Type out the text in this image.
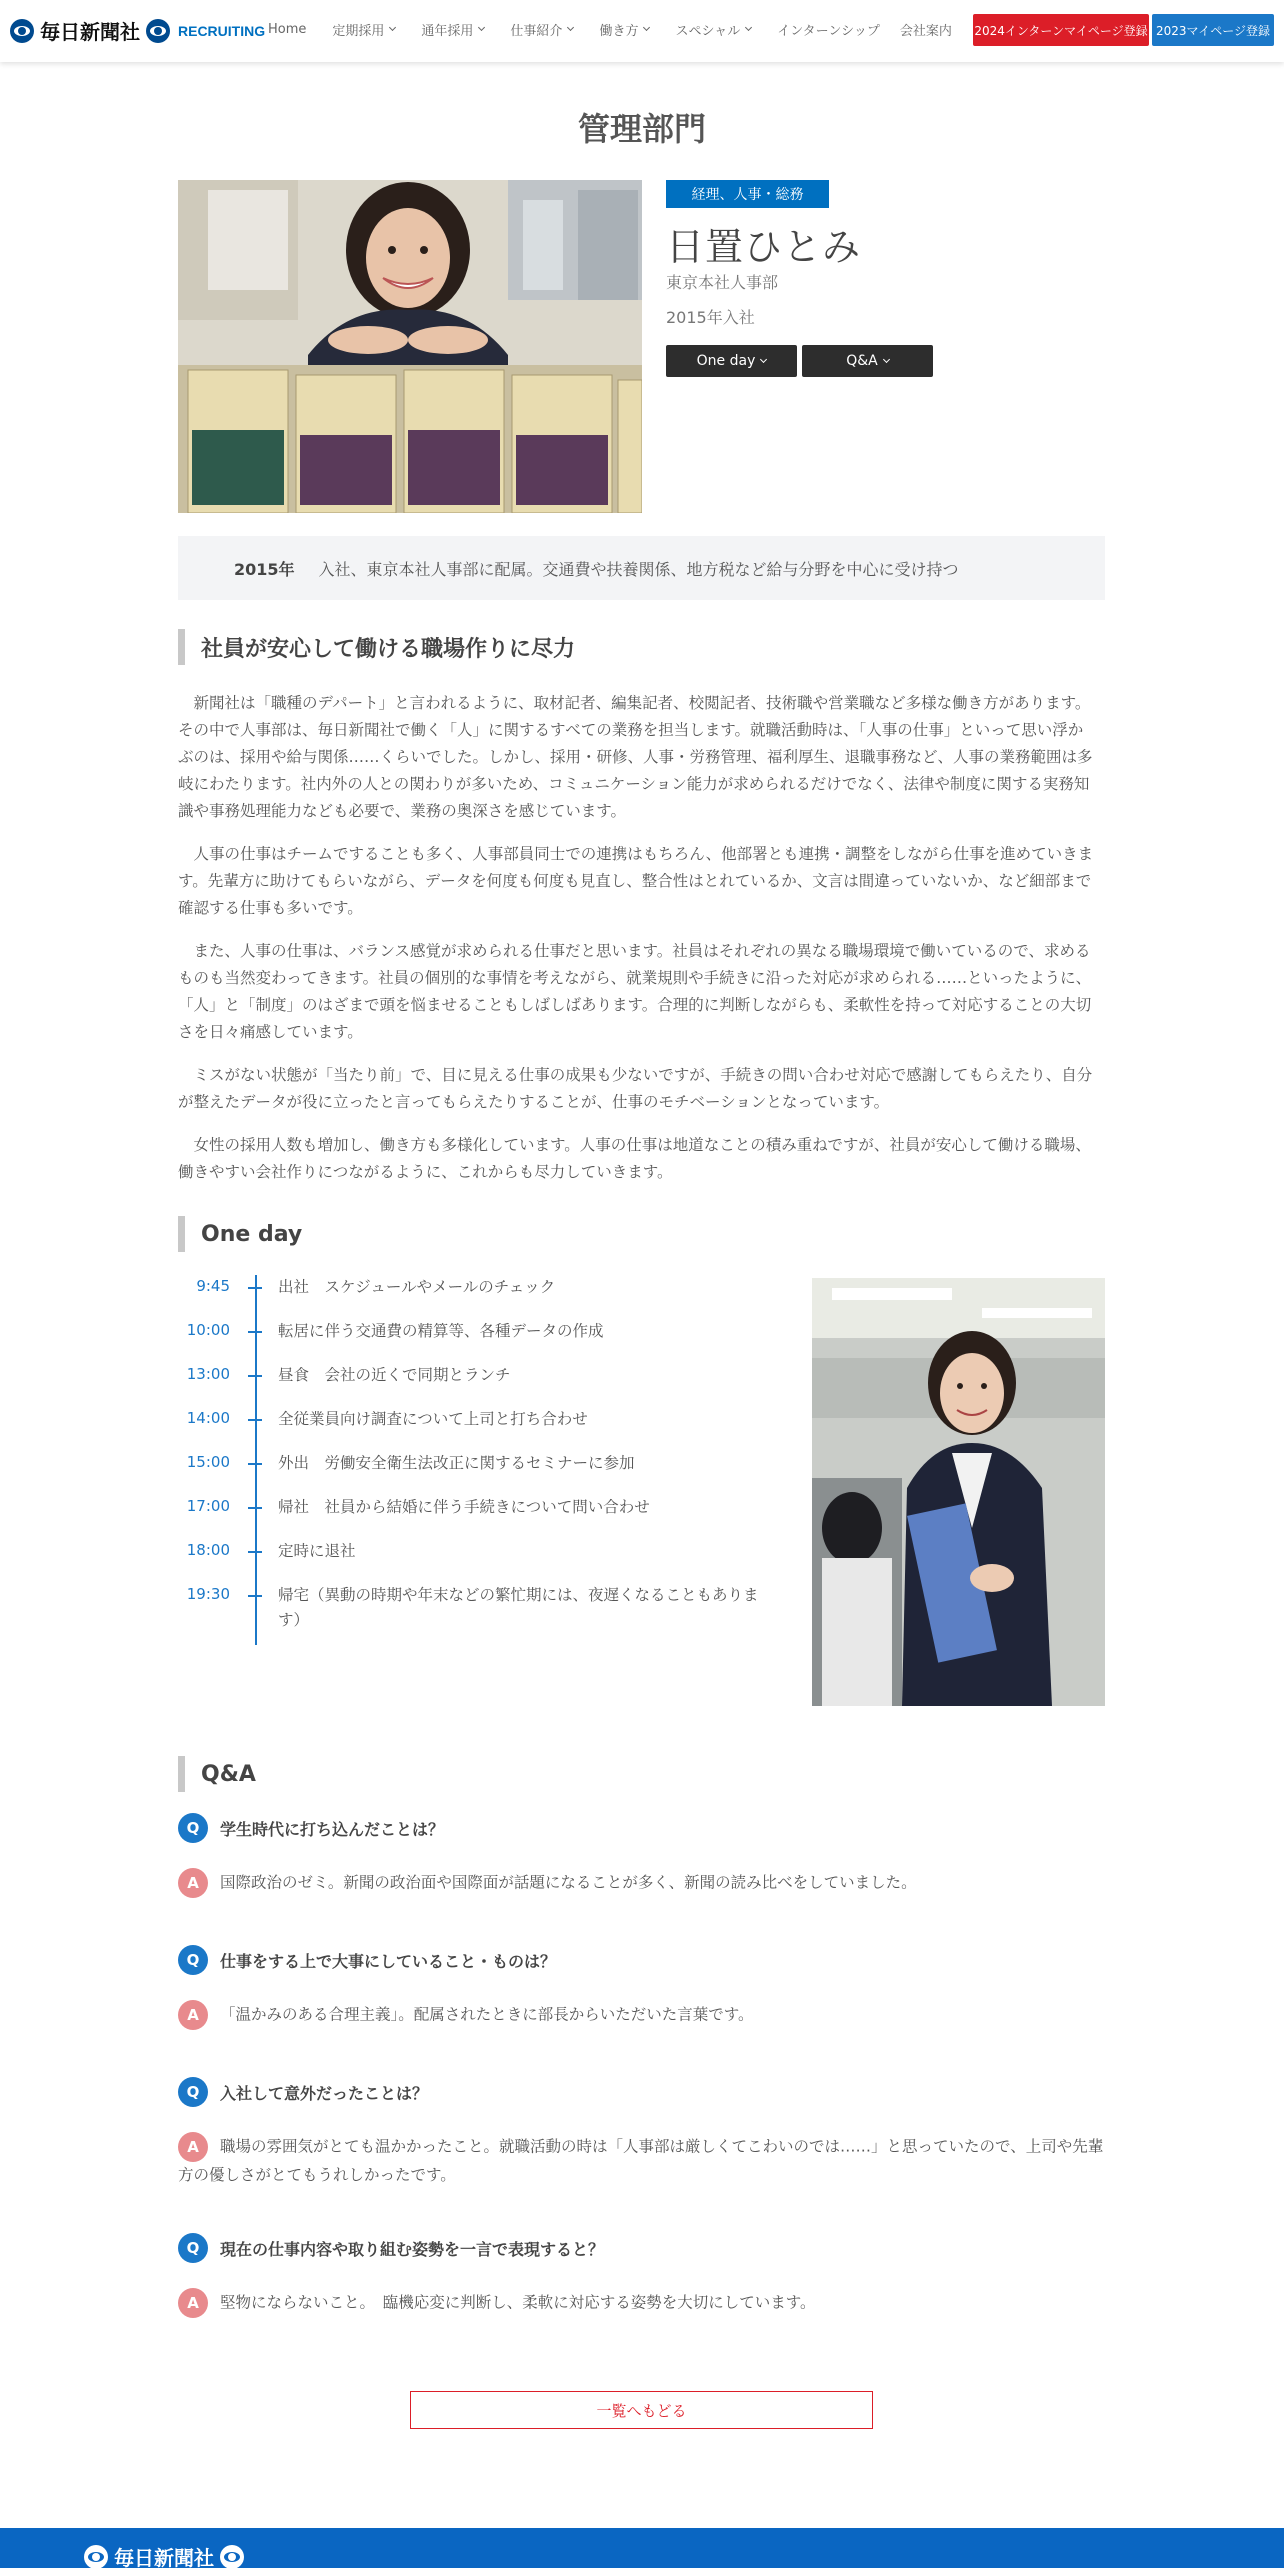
毎日新聞社	RECRUITING Home 定期採用	通年採用	仕事紹介	働き方	スペシャル	インターンシップ 会社案内 2024インターンマイページ登録 2023マイページ登録
管理部門
経理、人事・総務
日置ひとみ
東京本社人事部
2015年入社
One day	Q&A
2015年 入社、東京本社人事部に配属。交通費や扶養関係、地方税など給与分野を中心に受け持つ
社員が安心して働ける職場作りに尽力

新聞社は「職種のデパート」と言われるように、取材記者、編集記者、校閲記者、技術職や営業職など多様な働き方があります。その中で人事部は、毎日新聞社で働く「人」に関するすべての業務を担当します。就職活動時は、「人事の仕事」といって思い浮かぶのは、採用や給与関係……くらいでした。しかし、採用・研修、人事・労務管理、福利厚生、退職事務など、人事の業務範囲は多岐にわたります。社内外の人との関わりが多いため、コミュニケーション能力が求められるだけでなく、法律や制度に関する実務知識や事務処理能力なども必要で、業務の奥深さを感じています。

人事の仕事はチームですることも多く、人事部員同士での連携はもちろん、他部署とも連携・調整をしながら仕事を進めていきます。先輩方に助けてもらいながら、データを何度も何度も見直し、整合性はとれているか、文言は間違っていないか、など細部まで確認する仕事も多いです。

また、人事の仕事は、バランス感覚が求められる仕事だと思います。社員はそれぞれの異なる職場環境で働いているので、求めるものも当然変わってきます。社員の個別的な事情を考えながら、就業規則や手続きに沿った対応が求められる……といったように、「人」と「制度」のはざまで頭を悩ませることもしばしばあります。合理的に判断しながらも、柔軟性を持って対応することの大切さを日々痛感しています。

ミスがない状態が「当たり前」で、目に見える仕事の成果も少ないですが、手続きの問い合わせ対応で感謝してもらえたり、自分が整えたデータが役に立ったと言ってもらえたりすることが、仕事のモチベーションとなっています。

女性の採用人数も増加し、働き方も多様化しています。人事の仕事は地道なことの積み重ねですが、社員が安心して働ける職場、働きやすい会社作りにつながるように、これからも尽力していきます。

One day
9:45	出社　スケジュールやメールのチェック
10:00	転居に伴う交通費の精算等、各種データの作成
13:00	昼食　会社の近くで同期とランチ
14:00	全従業員向け調査について上司と打ち合わせ
15:00	外出　労働安全衛生法改正に関するセミナーに参加
17:00	帰社　社員から結婚に伴う手続きについて問い合わせ
18:00	定時に退社
19:30	帰宅（異動の時期や年末などの繁忙期には、夜遅くなることもあります）
Q&A
Q	学生時代に打ち込んだことは？
A 国際政治のゼミ。新聞の政治面や国際面が話題になることが多く、新聞の読み比べをしていました。
Q	仕事をする上で大事にしていること・ものは？
A 「温かみのある合理主義」。配属されたときに部長からいただいた言葉です。
Q	入社して意外だったことは？
A 職場の雰囲気がとても温かかったこと。就職活動の時は「人事部は厳しくてこわいのでは……」と思っていたので、上司や先輩方の優しさがとてもうれしかったです。
Q	現在の仕事内容や取り組む姿勢を一言で表現すると？
A 堅物にならないこと。　臨機応変に判断し、柔軟に対応する姿勢を大切にしています。
一覧へもどる
毎日新聞社
